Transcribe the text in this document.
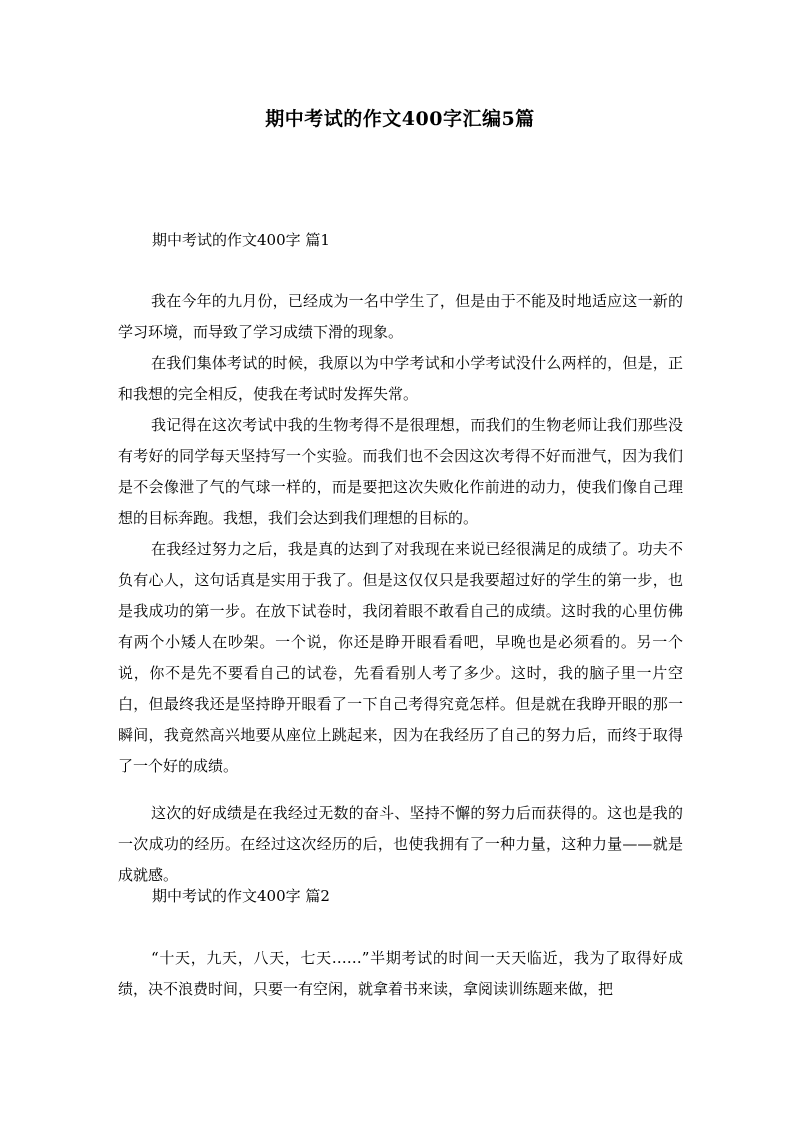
期中考试的作文400字汇编5篇
期中考试的作文400字 篇1

我在今年的九月份，已经成为一名中学生了，但是由于不能及时地适应这一新的学习环境，而导致了学习成绩下滑的现象。

在我们集体考试的时候，我原以为中学考试和小学考试没什么两样的，但是，正和我想的完全相反，使我在考试时发挥失常。

我记得在这次考试中我的生物考得不是很理想，而我们的生物老师让我们那些没有考好的同学每天坚持写一个实验。而我们也不会因这次考得不好而泄气，因为我们是不会像泄了气的气球一样的，而是要把这次失败化作前进的动力，使我们像自己理想的目标奔跑。我想，我们会达到我们理想的目标的。

在我经过努力之后，我是真的达到了对我现在来说已经很满足的成绩了。功夫不负有心人，这句话真是实用于我了。但是这仅仅只是我要超过好的学生的第一步，也是我成功的第一步。在放下试卷时，我闭着眼不敢看自己的成绩。这时我的心里仿佛有两个小矮人在吵架。一个说，你还是睁开眼看看吧，早晚也是必须看的。另一个说，你不是先不要看自己的试卷，先看看别人考了多少。这时，我的脑子里一片空白，但最终我还是坚持睁开眼看了一下自己考得究竟怎样。但是就在我睁开眼的那一瞬间，我竟然高兴地要从座位上跳起来，因为在我经历了自己的努力后，而终于取得了一个好的成绩。

这次的好成绩是在我经过无数的奋斗、坚持不懈的努力后而获得的。这也是我的一次成功的经历。在经过这次经历的后，也使我拥有了一种力量，这种力量——就是成就感。

期中考试的作文400字 篇2

“十天，九天，八天，七天……”半期考试的时间一天天临近，我为了取得好成绩，决不浪费时间，只要一有空闲，就拿着书来读，拿阅读训练题来做，把
